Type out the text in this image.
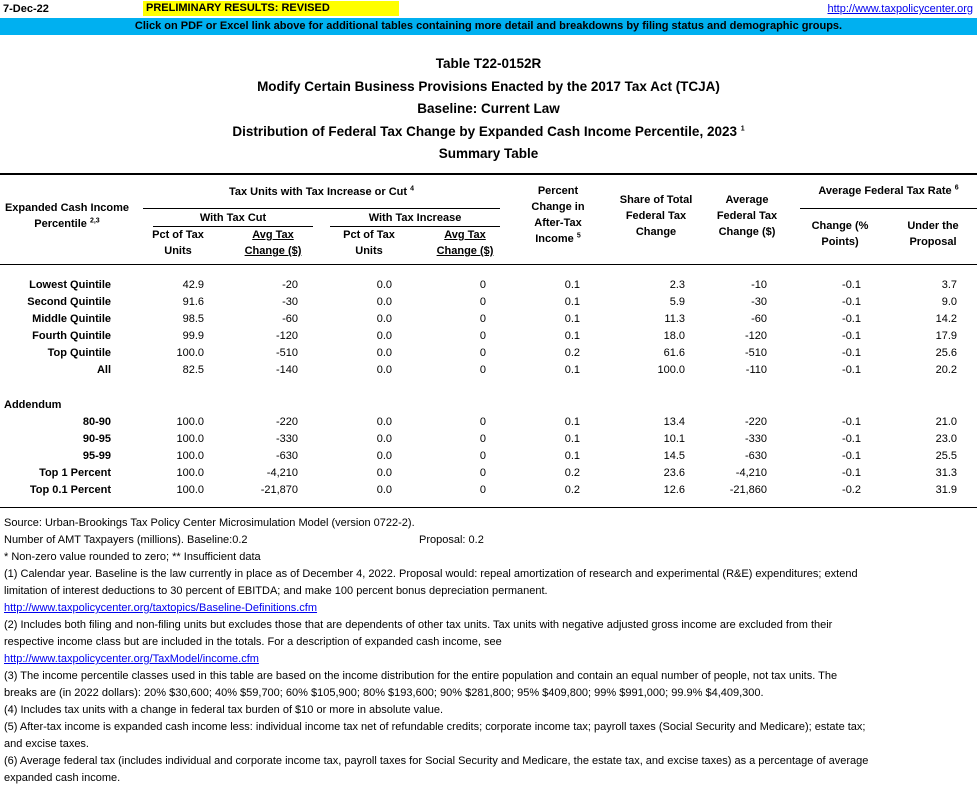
7-Dec-22	PRELIMINARY RESULTS: REVISED	http://www.taxpolicycenter.org
Click on PDF or Excel link above for additional tables containing more detail and breakdowns by filing status and demographic groups.
Table T22-0152R
Modify Certain Business Provisions Enacted by the 2017 Tax Act (TCJA)
Baseline: Current Law
Distribution of Federal Tax Change by Expanded Cash Income Percentile, 2023 $^1$
Summary Table
Expanded Cash Income Percentile $^{2,3}$
Tax Units with Tax Increase or Cut $^4$
With Tax Cut	With Tax Increase
Pct of Tax Units
Avg Tax Change ($)
Pct of Tax Units
Avg Tax Change ($)
Percent Change in After-Tax Income $^5$
Share of Total Federal Tax Change
Average Federal Tax Change ($)
Average Federal Tax Rate $^6$
Change (% Points)
Under the Proposal
Lowest Quintile	42.9	-20	0.0	0	0.1	2.3	-10	-0.1	3.7
Second Quintile	91.6	-30	0.0	0	0.1	5.9	-30	-0.1	9.0
Middle Quintile	98.5	-60	0.0	0	0.1	11.3	-60	-0.1	14.2
Fourth Quintile	99.9	-120	0.0	0	0.1	18.0	-120	-0.1	17.9
Top Quintile	100.0	-510	0.0	0	0.2	61.6	-510	-0.1	25.6
All	82.5	-140	0.0	0	0.1	100.0	-110	-0.1	20.2
Addendum
80-90	100.0	-220	0.0	0	0.1	13.4	-220	-0.1	21.0
90-95	100.0	-330	0.0	0	0.1	10.1	-330	-0.1	23.0
95-99	100.0	-630	0.0	0	0.1	14.5	-630	-0.1	25.5
Top 1 Percent	100.0	-4,210	0.0	0	0.2	23.6	-4,210	-0.1	31.3
Top 0.1 Percent	100.0	-21,870	0.0	0	0.2	12.6	-21,860	-0.2	31.9
Source: Urban-Brookings Tax Policy Center Microsimulation Model (version 0722-2).
Number of AMT Taxpayers (millions). Baseline:0.2	Proposal: 0.2
* Non-zero value rounded to zero; ** Insufficient data
(1) Calendar year. Baseline is the law currently in place as of December 4, 2022. Proposal would: repeal amortization of research and experimental (R&E) expenditures; extend
limitation of interest deductions to 30 percent of EBITDA; and make 100 percent bonus depreciation permanent.
http://www.taxpolicycenter.org/taxtopics/Baseline-Definitions.cfm
(2) Includes both filing and non-filing units but excludes those that are dependents of other tax units. Tax units with negative adjusted gross income are excluded from their
respective income class but are included in the totals. For a description of expanded cash income, see
http://www.taxpolicycenter.org/TaxModel/income.cfm
(3) The income percentile classes used in this table are based on the income distribution for the entire population and contain an equal number of people, not tax units. The
breaks are (in 2022 dollars): 20% $30,600; 40% $59,700; 60% $105,900; 80% $193,600; 90% $281,800; 95% $409,800; 99% $991,000; 99.9% $4,409,300.
(4) Includes tax units with a change in federal tax burden of $10 or more in absolute value.
(5) After-tax income is expanded cash income less: individual income tax net of refundable credits; corporate income tax; payroll taxes (Social Security and Medicare); estate tax;
and excise taxes.
(6) Average federal tax (includes individual and corporate income tax, payroll taxes for Social Security and Medicare, the estate tax, and excise taxes) as a percentage of average
expanded cash income.
